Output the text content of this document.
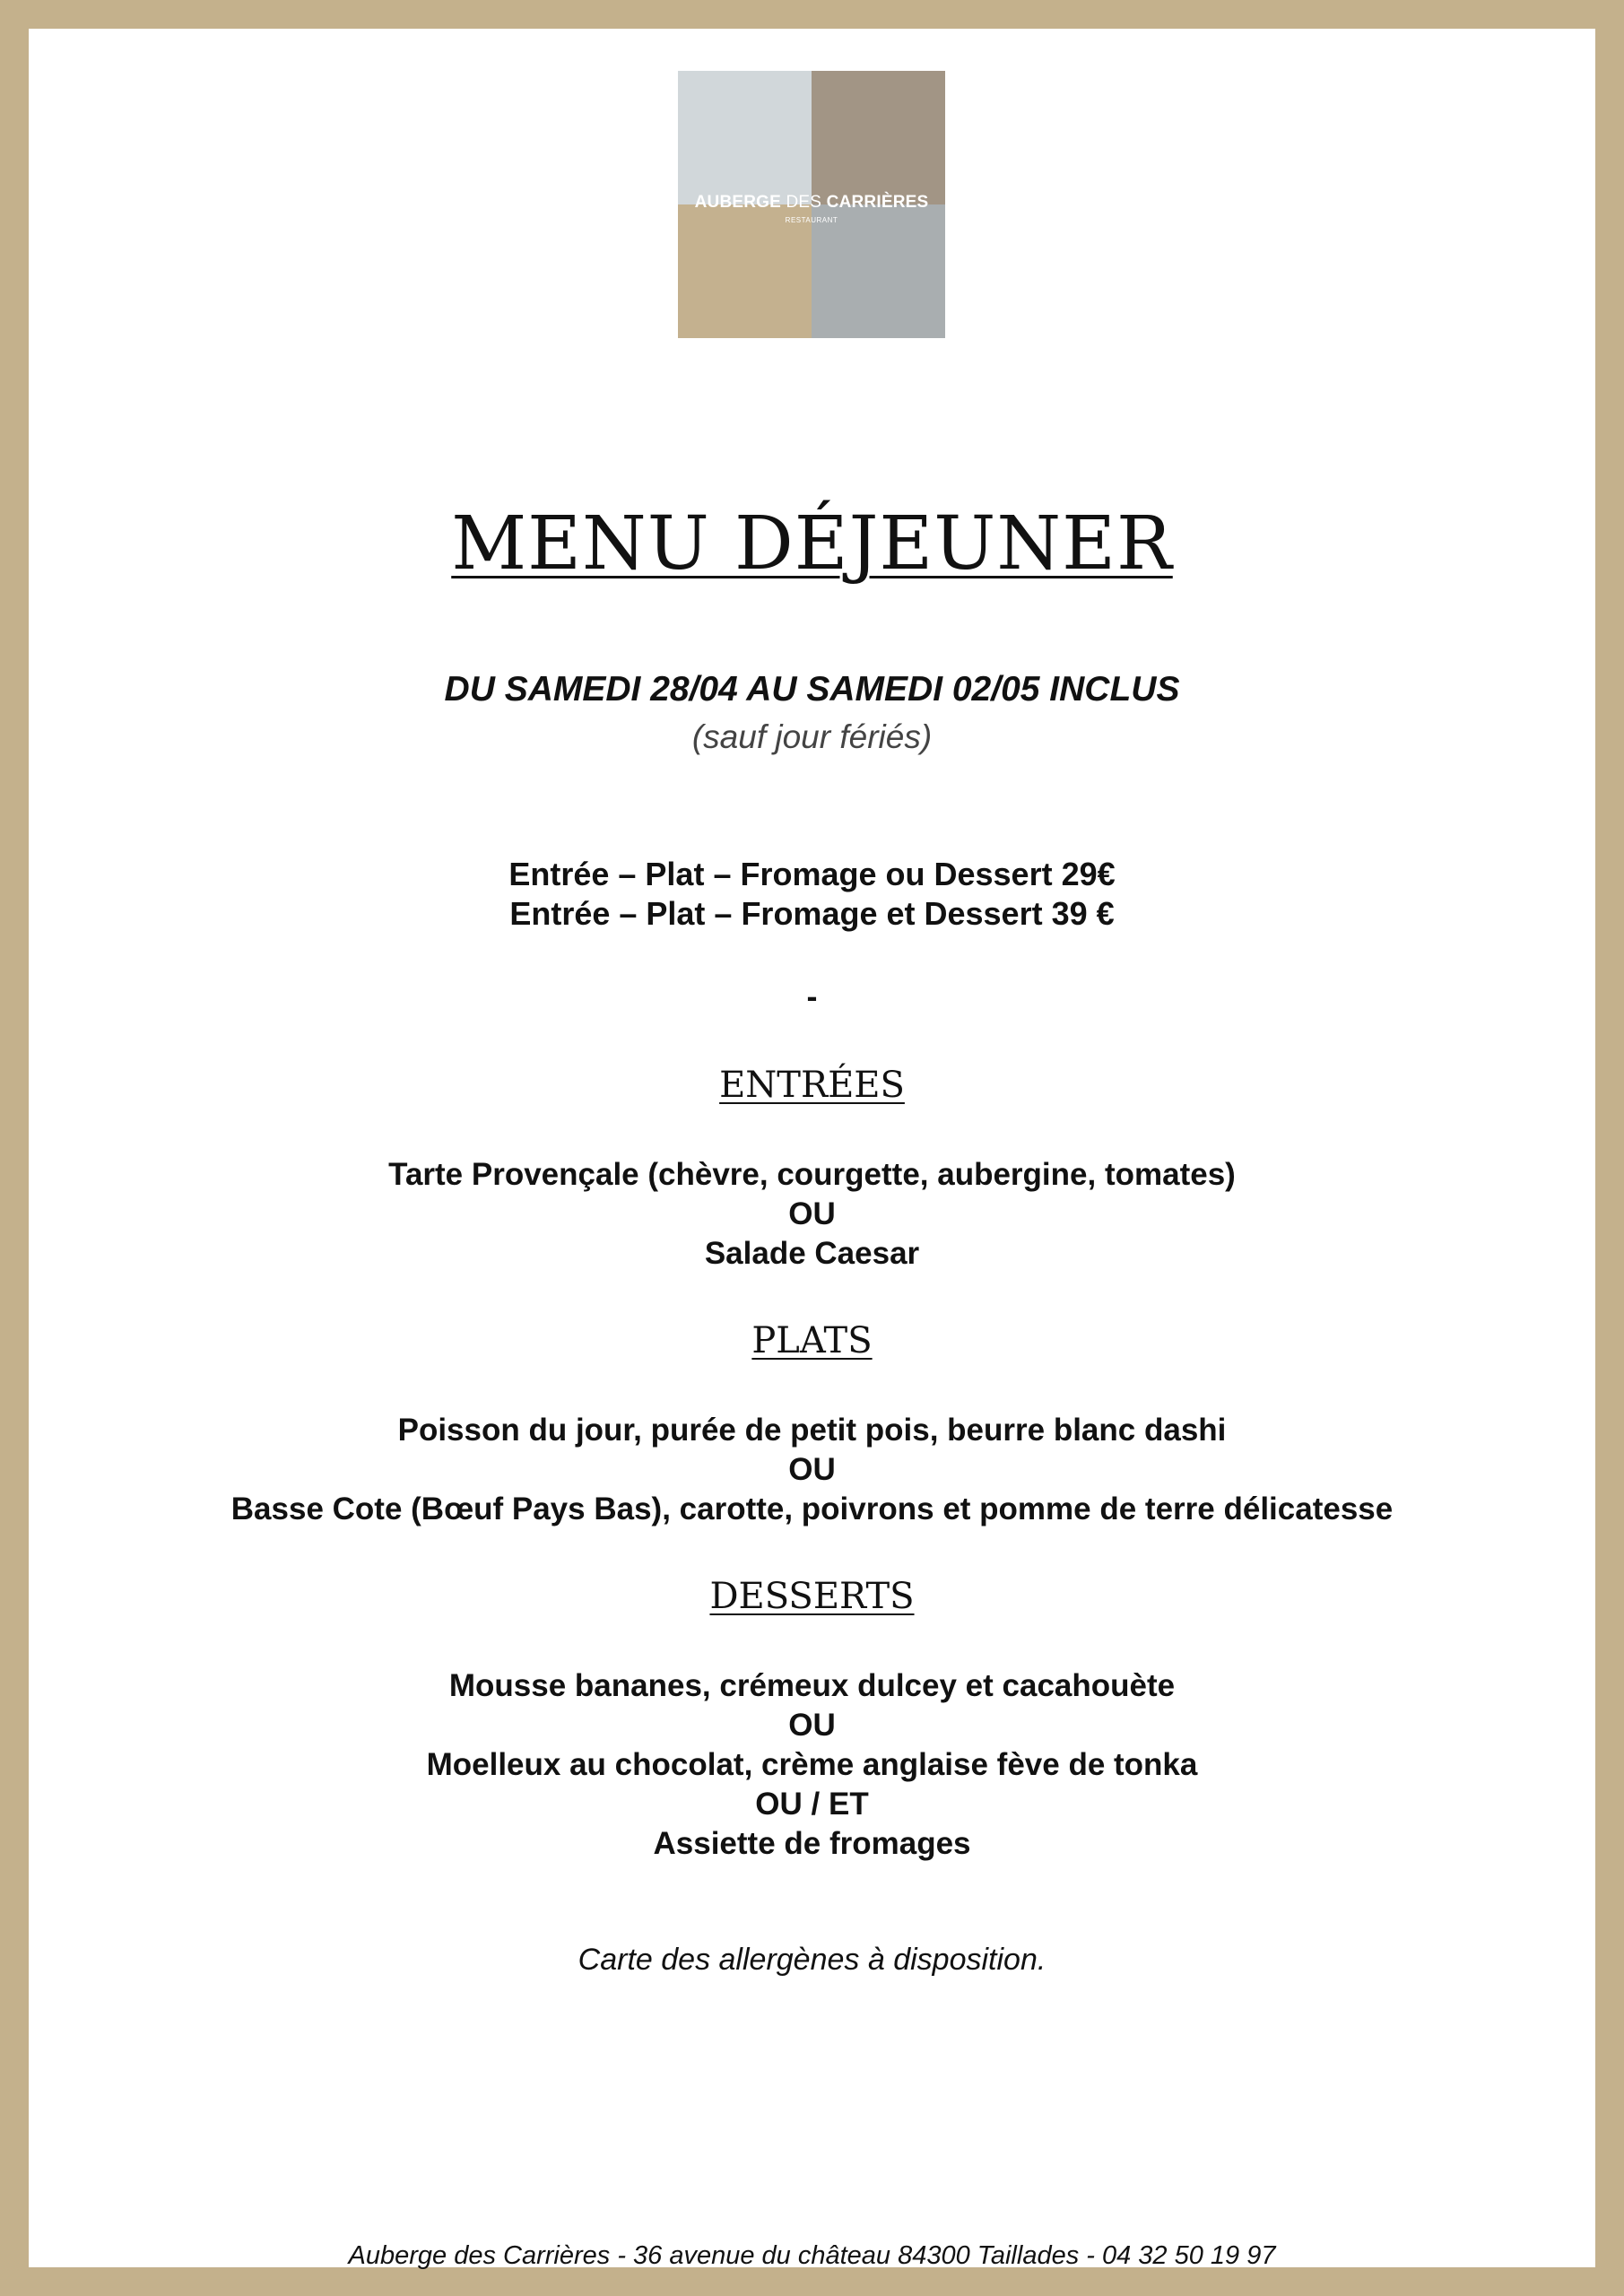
AUBERGE DES CARRIÈRES
RESTAURANT
MENU DÉJEUNER
DU SAMEDI 28/04 AU SAMEDI 02/05 INCLUS
(sauf jour fériés)
Entrée – Plat – Fromage ou Dessert 29€
Entrée – Plat – Fromage et Dessert 39 €
-
ENTRÉES
Tarte Provençale (chèvre, courgette, aubergine, tomates)
OU
Salade Caesar
PLATS
Poisson du jour, purée de petit pois, beurre blanc dashi
OU
Basse Cote (Bœuf Pays Bas), carotte, poivrons et pomme de terre délicatesse
DESSERTS
Mousse bananes, crémeux dulcey et cacahouète
OU
Moelleux au chocolat, crème anglaise fève de tonka
OU / ET
Assiette de fromages
Carte des allergènes à disposition.
Auberge des Carrières - 36 avenue du château 84300 Taillades - 04 32 50 19 97
